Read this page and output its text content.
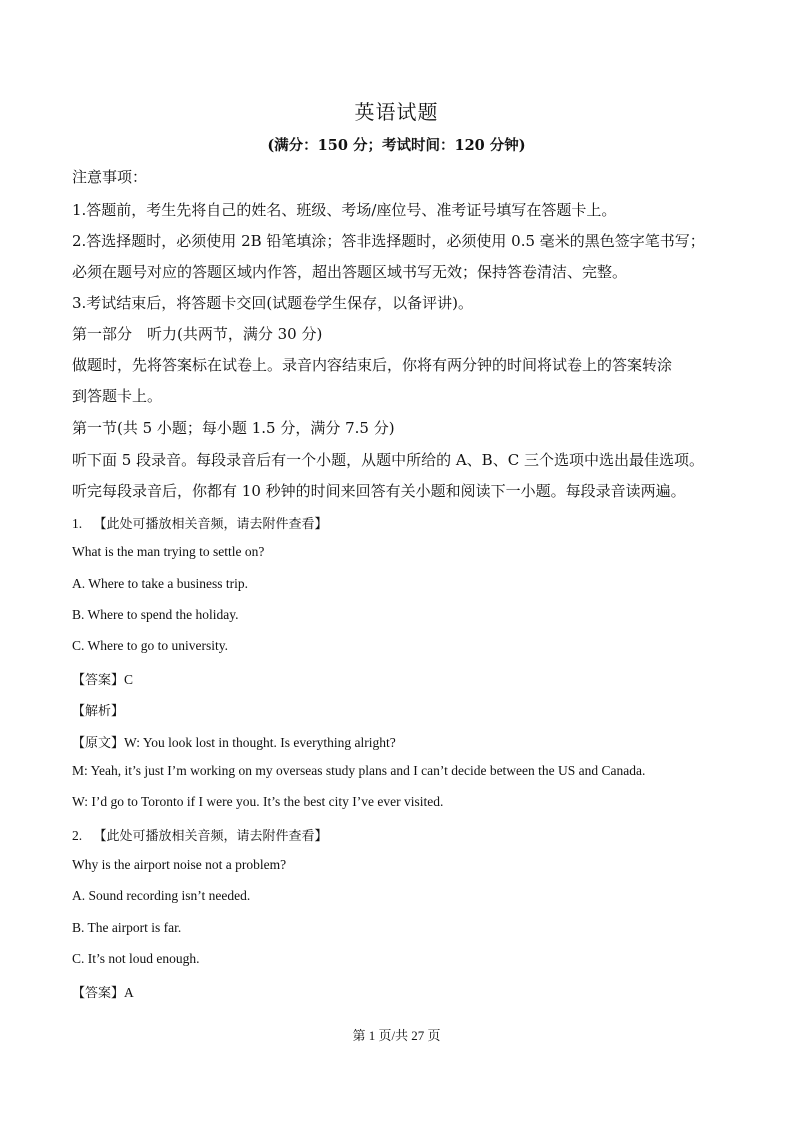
英语试题
(满分：150 分；考试时间：120 分钟)
注意事项：
1.答题前，考生先将自己的姓名、班级、考场/座位号、准考证号填写在答题卡上。
2.答选择题时，必须使用 2B 铅笔填涂；答非选择题时，必须使用 0.5 毫米的黑色签字笔书写；
必须在题号对应的答题区域内作答，超出答题区域书写无效；保持答卷清洁、完整。
3.考试结束后，将答题卡交回(试题卷学生保存，以备评讲)。
第一部分　听力(共两节，满分 30 分)
做题时，先将答案标在试卷上。录音内容结束后，你将有两分钟的时间将试卷上的答案转涂
到答题卡上。
第一节(共 5 小题；每小题 1.5 分，满分 7.5 分)
听下面 5 段录音。每段录音后有一个小题，从题中所给的 A、B、C 三个选项中选出最佳选项。
听完每段录音后，你都有 10 秒钟的时间来回答有关小题和阅读下一小题。每段录音读两遍。
1. 【此处可播放相关音频，请去附件查看】
What is the man trying to settle on?
A. Where to take a business trip.
B. Where to spend the holiday.
C. Where to go to university.
【答案】C
【解析】
【原文】W: You look lost in thought. Is everything alright?
M: Yeah, it’s just I’m working on my overseas study plans and I can’t decide between the US and Canada.
W: I’d go to Toronto if I were you. It’s the best city I’ve ever visited.
2. 【此处可播放相关音频，请去附件查看】
Why is the airport noise not a problem?
A. Sound recording isn’t needed.
B. The airport is far.
C. It’s not loud enough.
【答案】A
第 1 页/共 27 页
